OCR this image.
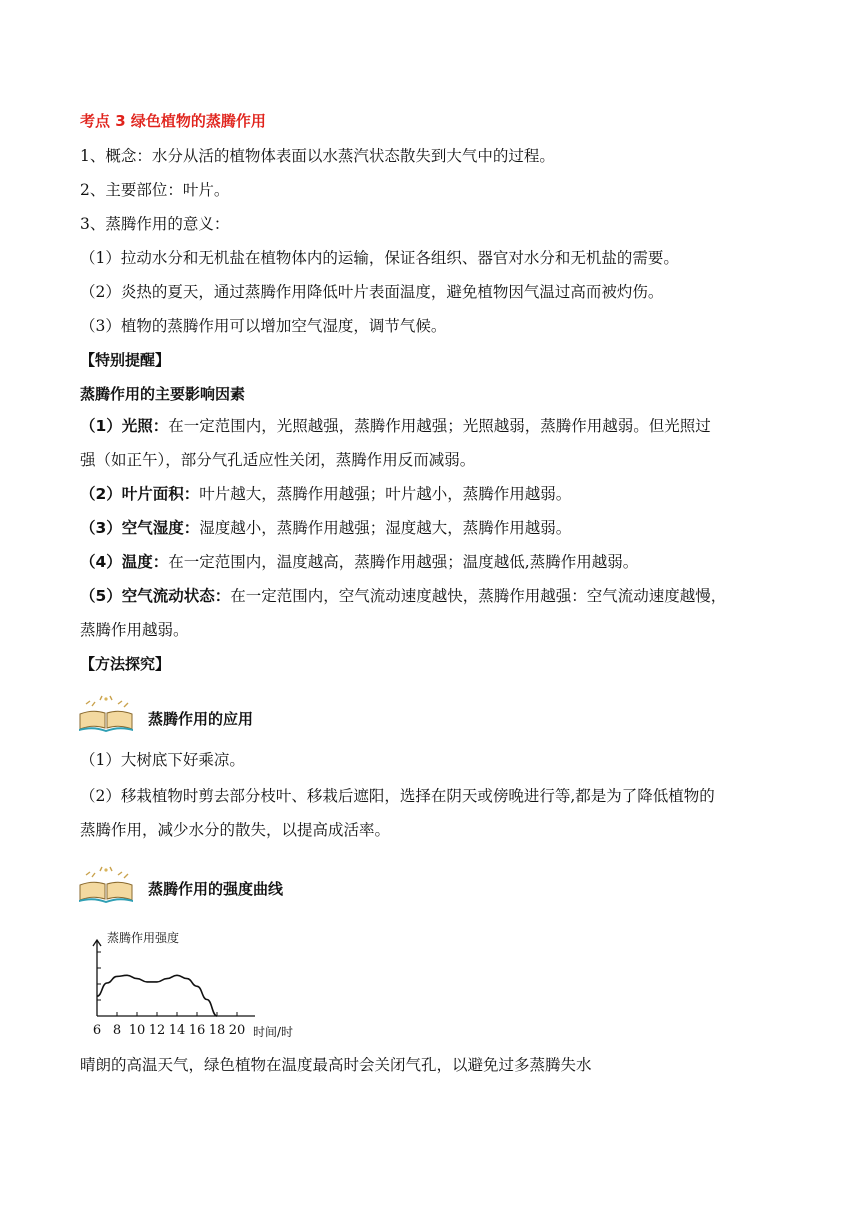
考点 3 绿色植物的蒸腾作用
1、概念：水分从活的植物体表面以水蒸汽状态散失到大气中的过程。
2、主要部位：叶片。
3、蒸腾作用的意义：
（1）拉动水分和无机盐在植物体内的运输，保证各组织、器官对水分和无机盐的需要。
（2）炎热的夏天，通过蒸腾作用降低叶片表面温度，避免植物因气温过高而被灼伤。
（3）植物的蒸腾作用可以增加空气湿度，调节气候。
【特别提醒】
蒸腾作用的主要影响因素
（1）光照：在一定范围内，光照越强，蒸腾作用越强；光照越弱，蒸腾作用越弱。但光照过
强（如正午），部分气孔适应性关闭，蒸腾作用反而减弱。
（2）叶片面积：叶片越大，蒸腾作用越强；叶片越小，蒸腾作用越弱。
（3）空气湿度：湿度越小，蒸腾作用越强；湿度越大，蒸腾作用越弱。
（4）温度：在一定范围内，温度越高，蒸腾作用越强；温度越低,蒸腾作用越弱。
（5）空气流动状态：在一定范围内，空气流动速度越快，蒸腾作用越强：空气流动速度越慢，
蒸腾作用越弱。
【方法探究】
蒸腾作用的应用
（1）大树底下好乘凉。
（2）移栽植物时剪去部分枝叶、移栽后遮阳，选择在阴天或傍晚进行等,都是为了降低植物的
蒸腾作用，减少水分的散失，以提高成活率。
蒸腾作用的强度曲线
蒸腾作用强度
6 8 10 12 14 16 18 20 时间/时
晴朗的高温天气，绿色植物在温度最高时会关闭气孔，以避免过多蒸腾失水
